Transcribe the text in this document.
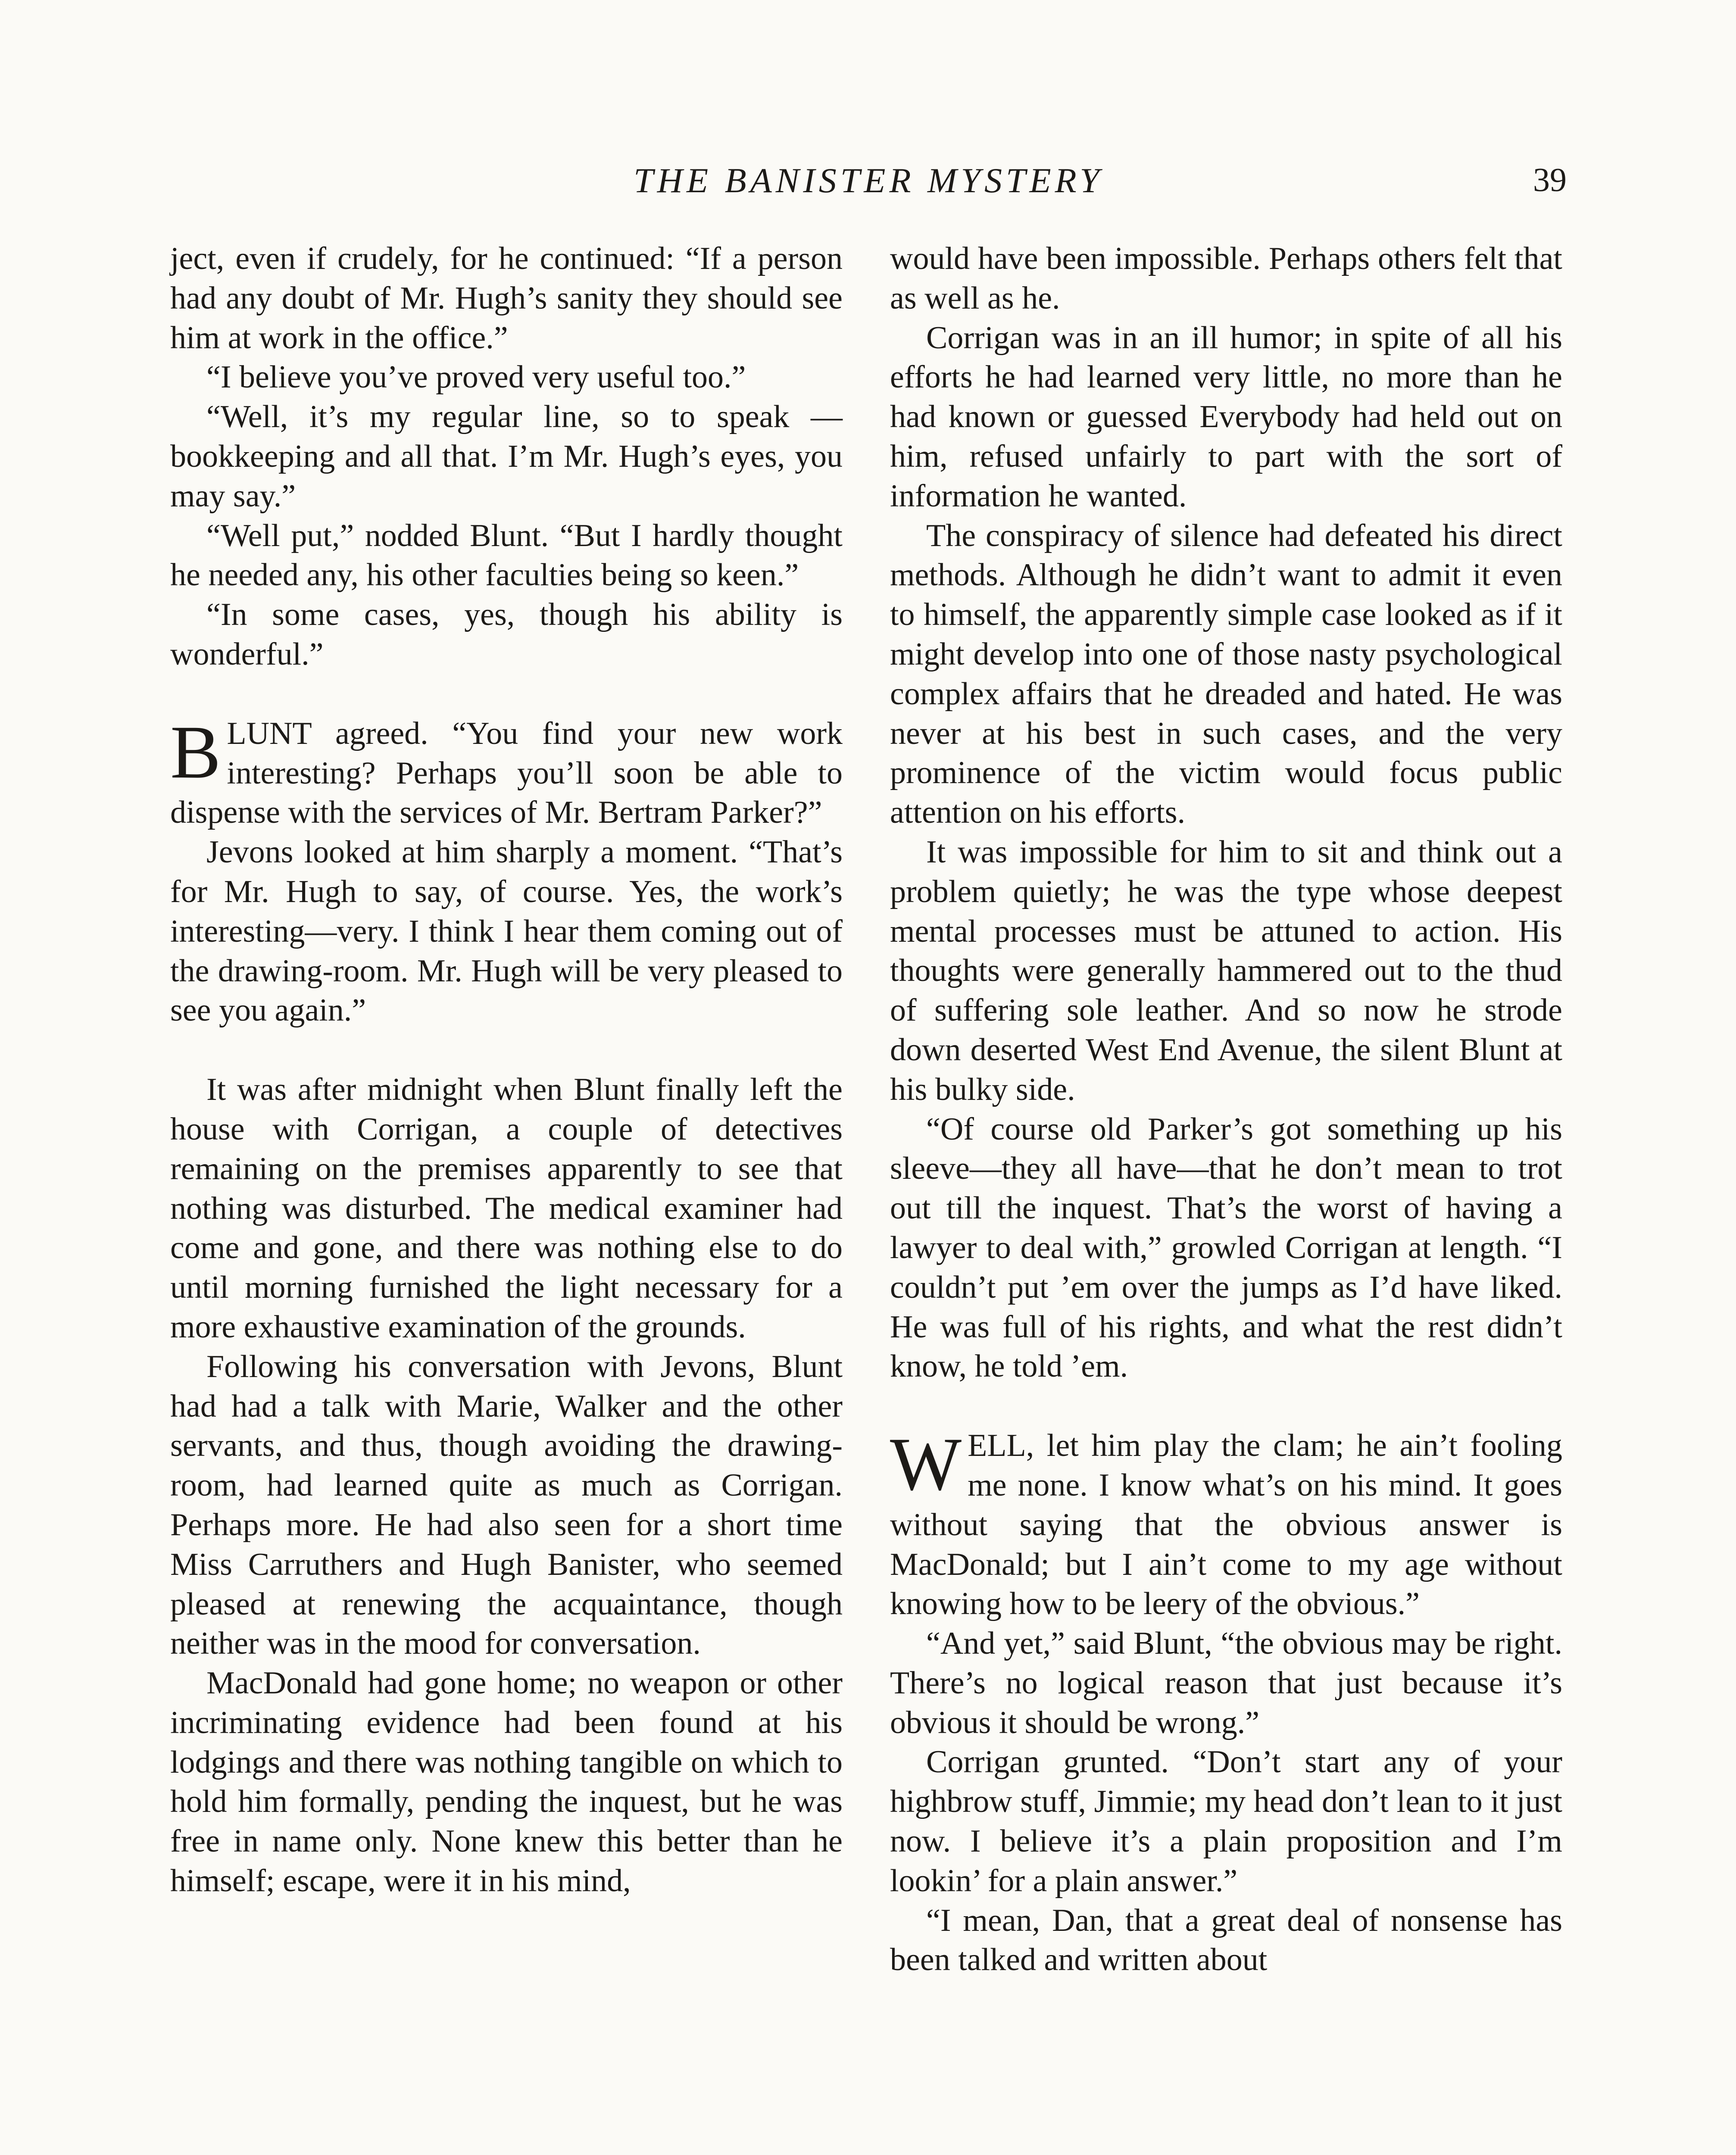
THE BANISTER MYSTERY	39

ject, even if crudely, for he continued: “If a person had any doubt of Mr. Hugh’s sanity they should see him at work in the office.”

“I believe you’ve proved very useful too.”

“Well, it’s my regular line, so to speak —bookkeeping and all that. I’m Mr. Hugh’s eyes, you may say.”

“Well put,” nodded Blunt. “But I hardly thought he needed any, his other faculties being so keen.”

“In some cases, yes, though his ability is wonderful.”

BLUNT agreed. “You find your new work interesting? Perhaps you’ll soon be able to dispense with the services of Mr. Bertram Parker?”

Jevons looked at him sharply a moment. “That’s for Mr. Hugh to say, of course. Yes, the work’s interesting—very. I think I hear them coming out of the drawing-room. Mr. Hugh will be very pleased to see you again.”

It was after midnight when Blunt finally left the house with Corrigan, a couple of detectives remaining on the premises apparently to see that nothing was disturbed. The medical examiner had come and gone, and there was nothing else to do until morning furnished the light necessary for a more exhaustive examination of the grounds.

Following his conversation with Jevons, Blunt had had a talk with Marie, Walker and the other servants, and thus, though avoiding the drawing-room, had learned quite as much as Corrigan. Perhaps more. He had also seen for a short time Miss Carruthers and Hugh Banister, who seemed pleased at renewing the acquaintance, though neither was in the mood for conversation.

MacDonald had gone home; no weapon or other incriminating evidence had been found at his lodgings and there was nothing tangible on which to hold him formally, pending the inquest, but he was free in name only. None knew this better than he himself; escape, were it in his mind,

would have been impossible. Perhaps others felt that as well as he.

Corrigan was in an ill humor; in spite of all his efforts he had learned very little, no more than he had known or guessed Everybody had held out on him, refused unfairly to part with the sort of information he wanted.

The conspiracy of silence had defeated his direct methods. Although he didn’t want to admit it even to himself, the apparently simple case looked as if it might develop into one of those nasty psychological complex affairs that he dreaded and hated. He was never at his best in such cases, and the very prominence of the victim would focus public attention on his efforts.

It was impossible for him to sit and think out a problem quietly; he was the type whose deepest mental processes must be attuned to action. His thoughts were generally hammered out to the thud of suffering sole leather. And so now he strode down deserted West End Avenue, the silent Blunt at his bulky side.

“Of course old Parker’s got something up his sleeve—they all have—that he don’t mean to trot out till the inquest. That’s the worst of having a lawyer to deal with,” growled Corrigan at length. “I couldn’t put ’em over the jumps as I’d have liked. He was full of his rights, and what the rest didn’t know, he told ’em.

WELL, let him play the clam; he ain’t fooling me none. I know what’s on his mind. It goes without saying that the obvious answer is MacDonald; but I ain’t come to my age without knowing how to be leery of the obvious.”

“And yet,” said Blunt, “the obvious may be right. There’s no logical reason that just because it’s obvious it should be wrong.”

Corrigan grunted. “Don’t start any of your highbrow stuff, Jimmie; my head don’t lean to it just now. I believe it’s a plain proposition and I’m lookin’ for a plain answer.”

“I mean, Dan, that a great deal of nonsense has been talked and written about
